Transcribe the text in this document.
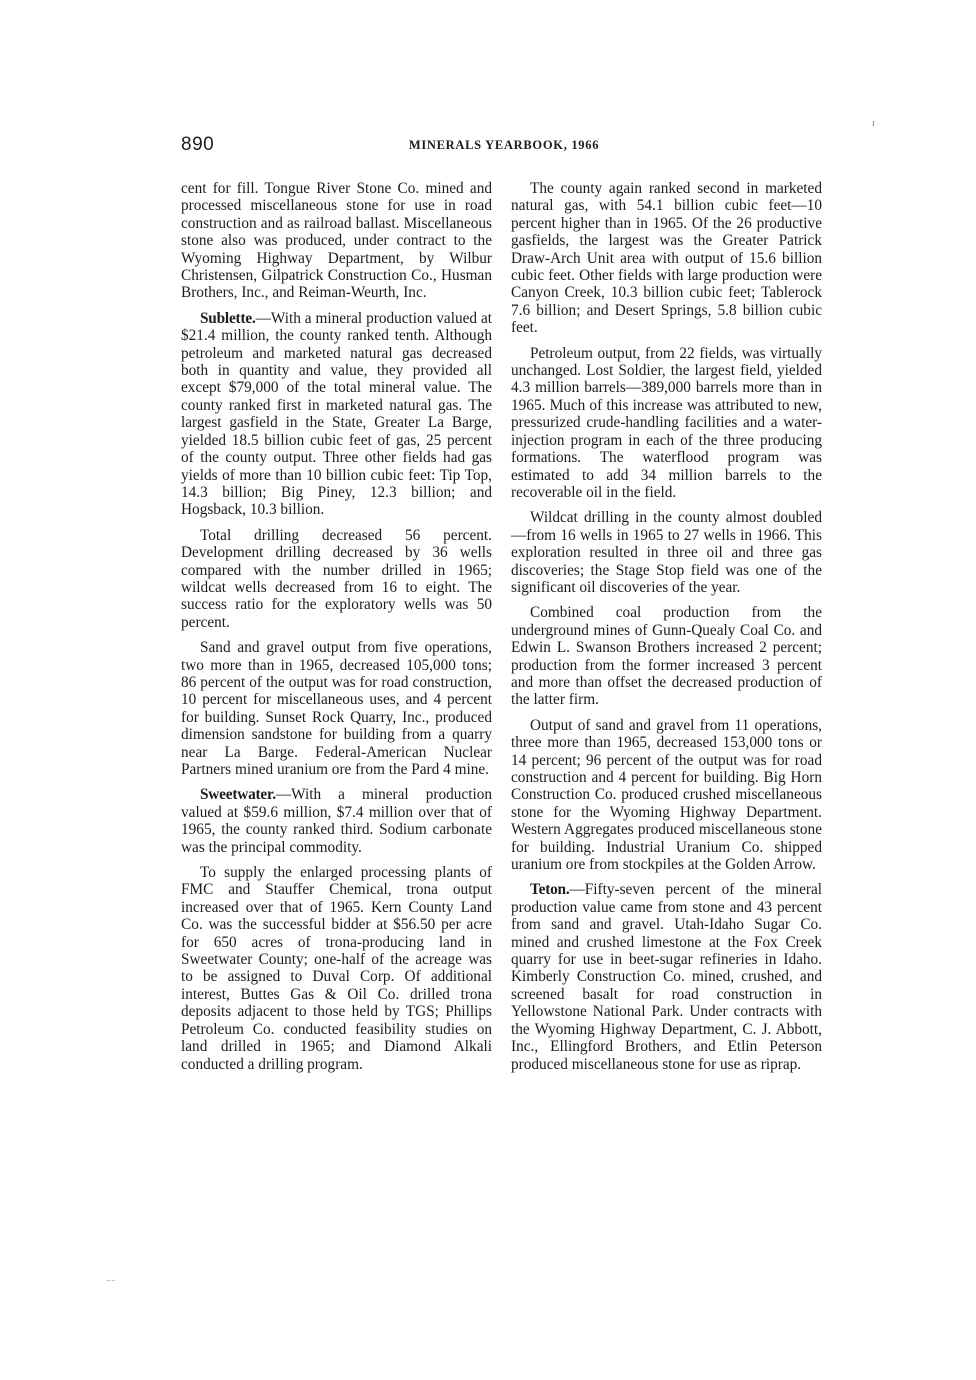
ı
890	MINERALS YEARBOOK, 1966

cent for fill. Tongue River Stone Co. mined and processed miscellaneous stone for use in road construction and as railroad ballast. Miscellaneous stone also was produced, under contract to the Wyoming Highway Department, by Wilbur Christensen, Gilpatrick Construction Co., Husman Brothers, Inc., and Reiman-Weurth, Inc.

Sublette.—With a mineral production valued at $21.4 million, the county ranked tenth. Although petroleum and marketed natural gas decreased both in quantity and value, they provided all except $79,000 of the total mineral value. The county ranked first in marketed natural gas. The largest gasfield in the State, Greater La Barge, yielded 18.5 billion cubic feet of gas, 25 percent of the county output. Three other fields had gas yields of more than 10 billion cubic feet: Tip Top, 14.3 billion; Big Piney, 12.3 billion; and Hogsback, 10.3 billion.

Total drilling decreased 56 percent. Development drilling decreased by 36 wells compared with the number drilled in 1965; wildcat wells decreased from 16 to eight. The success ratio for the exploratory wells was 50 percent.

Sand and gravel output from five operations, two more than in 1965, decreased 105,000 tons; 86 percent of the output was for road construction, 10 percent for miscellaneous uses, and 4 percent for building. Sunset Rock Quarry, Inc., produced dimension sandstone for building from a quarry near La Barge. Federal-American Nuclear Partners mined uranium ore from the Pard 4 mine.

Sweetwater.—With a mineral production valued at $59.6 million, $7.4 million over that of 1965, the county ranked third. Sodium carbonate was the principal commodity.

To supply the enlarged processing plants of FMC and Stauffer Chemical, trona output increased over that of 1965. Kern County Land Co. was the successful bidder at $56.50 per acre for 650 acres of trona-producing land in Sweetwater County; one-half of the acreage was to be assigned to Duval Corp. Of additional interest, Buttes Gas & Oil Co. drilled trona deposits adjacent to those held by TGS; Phillips Petroleum Co. conducted feasibility studies on land drilled in 1965; and Diamond Alkali conducted a drilling program.

The county again ranked second in marketed natural gas, with 54.1 billion cubic feet—10 percent higher than in 1965. Of the 26 productive gasfields, the largest was the Greater Patrick Draw-Arch Unit area with output of 15.6 billion cubic feet. Other fields with large production were Canyon Creek, 10.3 billion cubic feet; Tablerock 7.6 billion; and Desert Springs, 5.8 billion cubic feet.

Petroleum output, from 22 fields, was virtually unchanged. Lost Soldier, the largest field, yielded 4.3 million barrels—389,000 barrels more than in 1965. Much of this increase was attributed to new, pressurized crude-handling facilities and a water-injection program in each of the three producing formations. The waterflood program was estimated to add 34 million barrels to the recoverable oil in the field.

Wildcat drilling in the county almost doubled—from 16 wells in 1965 to 27 wells in 1966. This exploration resulted in three oil and three gas discoveries; the Stage Stop field was one of the significant oil discoveries of the year.

Combined coal production from the underground mines of Gunn-Quealy Coal Co. and Edwin L. Swanson Brothers increased 2 percent; production from the former increased 3 percent and more than offset the decreased production of the latter firm.

Output of sand and gravel from 11 operations, three more than 1965, decreased 153,000 tons or 14 percent; 96 percent of the output was for road construction and 4 percent for building. Big Horn Construction Co. produced crushed miscellaneous stone for the Wyoming Highway Department. Western Aggregates produced miscellaneous stone for building. Industrial Uranium Co. shipped uranium ore from stockpiles at the Golden Arrow.

Teton.—Fifty-seven percent of the mineral production value came from stone and 43 percent from sand and gravel. Utah-Idaho Sugar Co. mined and crushed limestone at the Fox Creek quarry for use in beet-sugar refineries in Idaho. Kimberly Construction Co. mined, crushed, and screened basalt for road construction in Yellowstone National Park. Under contracts with the Wyoming Highway Department, C. J. Abbott, Inc., Ellingford Brothers, and Etlin Peterson produced miscellaneous stone for use as riprap.
